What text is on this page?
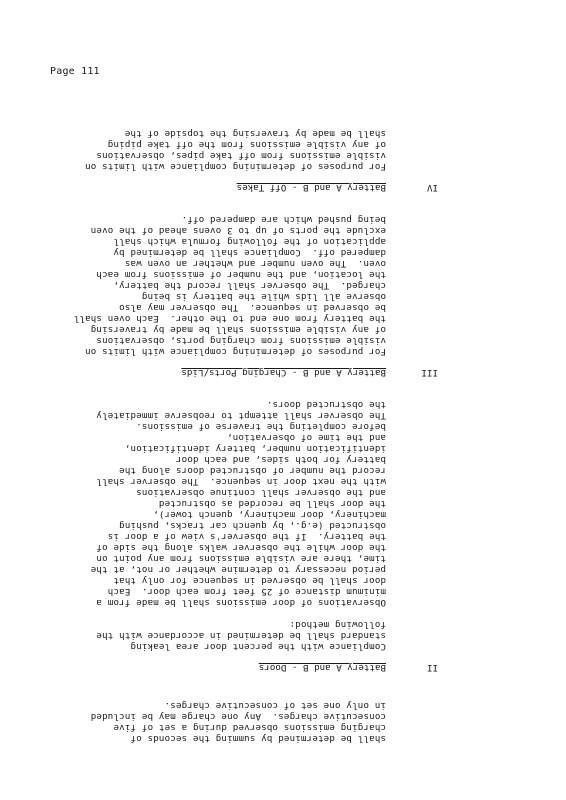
Page 111
shall be determined by summing the seconds of
charging emissions observed during a set of five
consecutive charges.  Any one charge may be included
in only one set of consecutive charges.
II
Battery A and B - Doors
Compliance with the percent door area leaking
standard shall be determined in accordance with the
following method:
Observations of door emissions shall be made from a
minimum distance of 25 feet from each door.  Each
door shall be observed in sequence for only that
period necessary to determine whether or not, at the
time, there are visible emissions from any point on
the door while the observer walks along the side of
the battery.  If the observer's view of a door is
obstructed (e.g., by quench car tracks, pushing
machinery, door machinery, quench tower),
the door shall be recorded as obstructed
and the observer shall continue observations
with the next door in sequence.  The observer shall
record the number of obstructed doors along the
battery for both sides, and each door
identification number, battery identification,
and the time of observation,
before completing the traverse of emissions.
The observer shall attempt to reobserve immediately
the obstructed doors.
III
Battery A and B - Charging Ports/Lids
For purposes of determining compliance with limits on
visible emissions from charging ports, observations
of any visible emissions shall be made by traversing
the battery from one end to the other.  Each oven shall
be observed in sequence.  The observer may also
observe all lids while the battery is being
charged.  The observer shall record the battery,
the location, and the number of emissions from each
oven.  The oven number and whether an oven was
dampered off.  Compliance shall be determined by
application of the following formula which shall
exclude the ports of up to 3 ovens ahead of the oven
being pushed which are dampered off.
IV
Battery A and B - Off Takes
For purposes of determining compliance with limits on
visible emissions from off take pipes, observations
of any visible emissions from the off take piping
shall be made by traversing the topside of the
